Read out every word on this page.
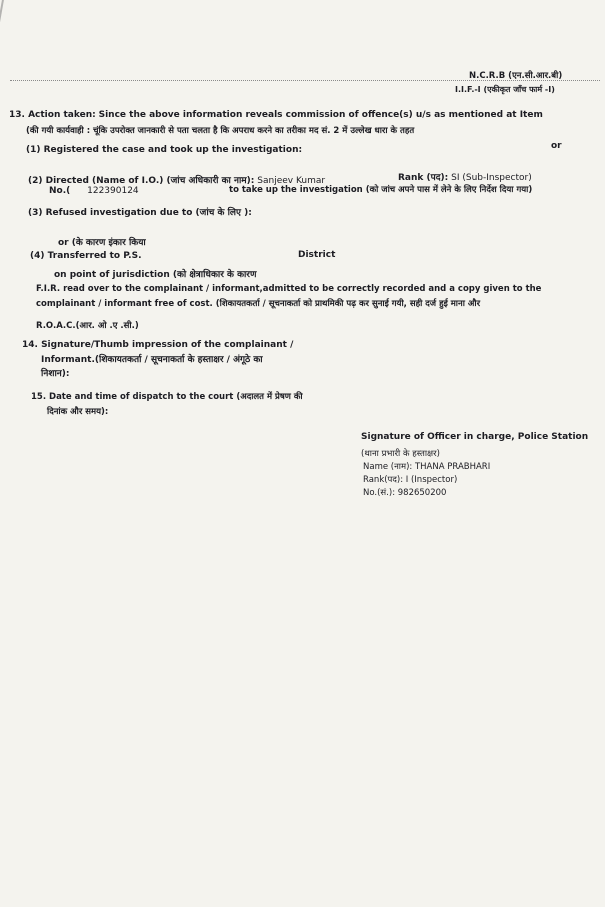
N.C.R.B (एन.सी.आर.बी)
I.I.F.-I (एकीकृत जाँच फार्म -I)
13. Action taken: Since the above information reveals commission of offence(s) u/s as mentioned at Item
(की गयी कार्यवाही : चूंकि उपरोक्त जानकारी से पता चलता है कि अपराध करने का तरीका मद सं. 2 में उल्लेख धारा के तहत
(1) Registered the case and took up the investigation:	or
(2) Directed (Name of I.O.) (जांच अधिकारी का नाम): Sanjeev Kumar	Rank (पद): SI (Sub-Inspector)
No.( 122390124	to take up the investigation (को जांच अपने पास में लेने के लिए निर्देश दिया गया)
(3) Refused investigation due to (जांच के लिए ):
or (के कारण इंकार किया
(4) Transferred to P.S.	District
on point of jurisdiction (को क्षेत्राधिकार के कारण
F.I.R. read over to the complainant / informant,admitted to be correctly recorded and a copy given to the
complainant / informant free of cost. (शिकायतकर्ता / सूचनाकर्ता को प्राथमिकी पढ़ कर सुनाई गयी, सही दर्ज हुई माना और
R.O.A.C.(आर. ओ .ए .सी.)
14. Signature/Thumb impression of the complainant /
Informant.(शिकायतकर्ता / सूचनाकर्ता के हस्ताक्षर / अंगूठे का
निशान):
15. Date and time of dispatch to the court (अदालत में प्रेषण की
दिनांक और समय):
Signature of Officer in charge, Police Station
(थाना प्रभारी के हस्ताक्षर)
Name (नाम): THANA PRABHARI
Rank(पद): I (Inspector)
No.(सं.): 982650200
